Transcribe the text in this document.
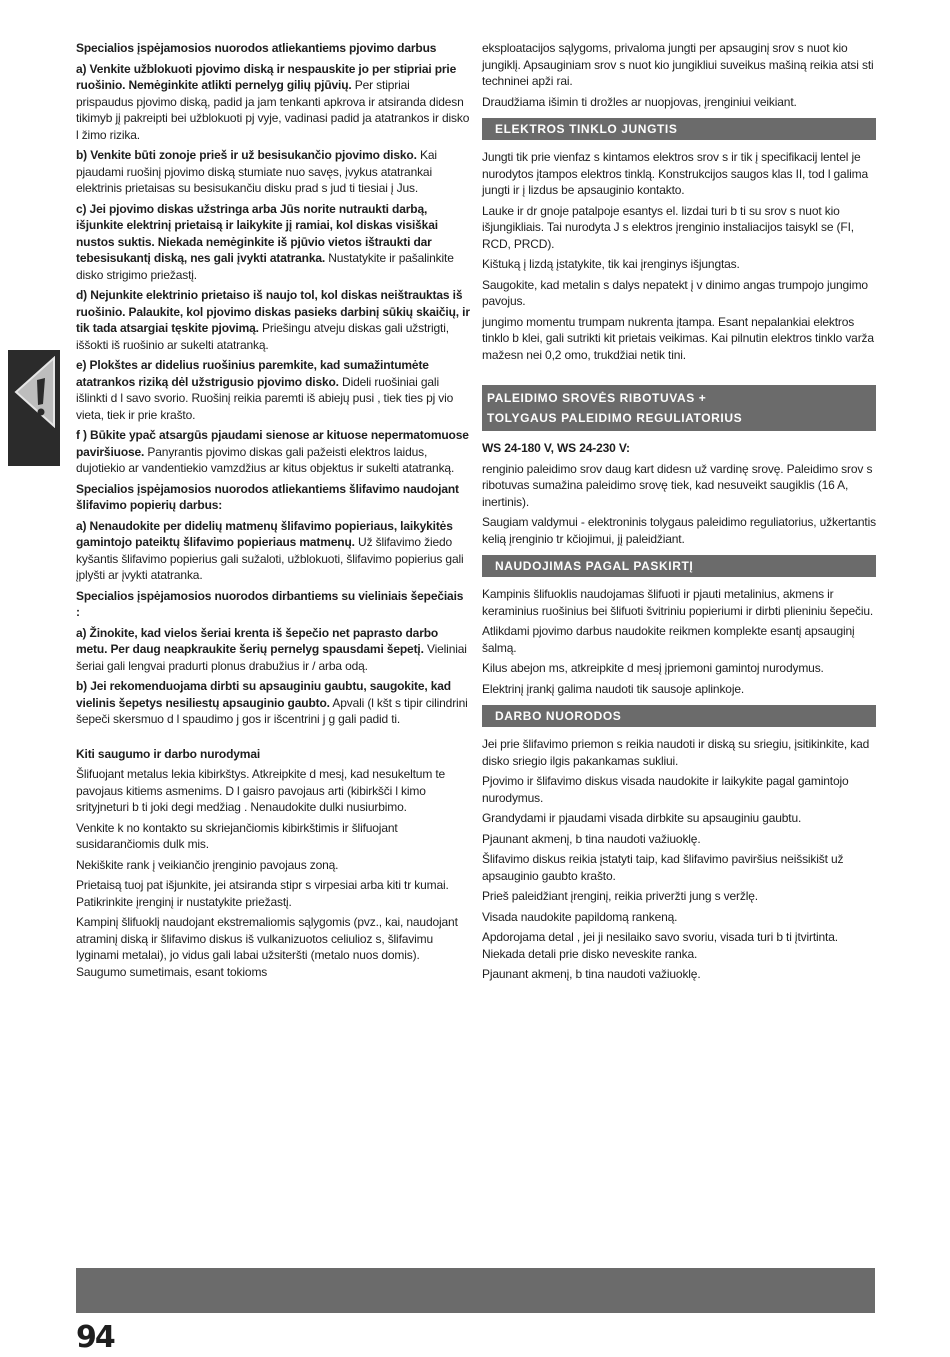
Specialios įspėjamosios nuorodos atliekantiems pjovimo darbus

a) Venkite užblokuoti pjovimo diską ir nespauskite jo per stipriai prie ruošinio. Nemėginkite atlikti pernelyg gilių pjūvių. Per stipriai prispaudus pjovimo diską, padid ja jam tenkanti apkrova ir atsiranda didesn tikimyb jį pakreipti bei užblokuoti pj vyje, vadinasi padid ja atatrankos ir disko l žimo rizika.

b) Venkite būti zonoje prieš ir už besisukančio pjovimo disko. Kai pjaudami ruošinį pjovimo diską stumiate nuo savęs, įvykus atatrankai elektrinis prietaisas su besisukančiu disku prad s jud ti tiesiai į Jus.

c) Jei pjovimo diskas užstringa arba Jūs norite nutraukti darbą, išjunkite elektrinį prietaisą ir laikykite jį ramiai, kol diskas visiškai nustos suktis. Niekada nemėginkite iš pjūvio vietos ištraukti dar tebesisukantį diską, nes gali įvykti atatranka. Nustatykite ir pašalinkite disko strigimo priežastį.

d) Nejunkite elektrinio prietaiso iš naujo tol, kol diskas neištrauktas iš ruošinio. Palaukite, kol pjovimo diskas pasieks darbinį sūkių skaičių, ir tik tada atsargiai tęskite pjovimą. Priešingu atveju diskas gali užstrigti, iššokti iš ruošinio ar sukelti atatranką.

e) Plokštes ar didelius ruošinius paremkite, kad sumažintumėte atatrankos riziką dėl užstrigusio pjovimo disko. Dideli ruošiniai gali išlinkti d l savo svorio. Ruošinį reikia paremti iš abiejų pusi , tiek ties pj vio vieta, tiek ir prie krašto.

f ) Būkite ypač atsargūs pjaudami sienose ar kituose nepermatomuose paviršiuose. Panyrantis pjovimo diskas gali pažeisti elektros laidus, dujotiekio ar vandentiekio vamzdžius ar kitus objektus ir sukelti atatranką.

Specialios įspėjamosios nuorodos atliekantiems šlifavimo naudojant šlifavimo popierių darbus:

a) Nenaudokite per didelių matmenų šlifavimo popieriaus, laikykitės gamintojo pateiktų šlifavimo popieriaus matmenų. Už šlifavimo žiedo kyšantis šlifavimo popierius gali sužaloti, užblokuoti, šlifavimo popierius gali įplyšti ar įvykti atatranka.

Specialios įspėjamosios nuorodos dirbantiems su vieliniais šepečiais :

a) Žinokite, kad vielos šeriai krenta iš šepečio net paprasto darbo metu. Per daug neapkraukite šerių pernelyg spausdami šepetį. Vieliniai šeriai gali lengvai pradurti plonus drabužius ir / arba odą.

b) Jei rekomenduojama dirbti su apsauginiu gaubtu, saugokite, kad vielinis šepetys nesiliestų apsauginio gaubto. Apvali (l kšt s tipir cilindrini šepeči skersmuo d l spaudimo j gos ir išcentrini j g gali padid ti.

Kiti saugumo ir darbo nurodymai

Šlifuojant metalus lekia kibirkštys. Atkreipkite d mesį, kad nesukeltum te pavojaus kitiems asmenims. D l gaisro pavojaus arti (kibirkšči l kimo srityjneturi b ti joki degi medžiag . Nenaudokite dulki nusiurbimo.

Venkite k no kontakto su skriejančiomis kibirkštimis ir šlifuojant susidarančiomis dulk mis.

Nekiškite rank į veikiančio įrenginio pavojaus zoną.

Prietaisą tuoj pat išjunkite, jei atsiranda stipr s virpesiai arba kiti tr kumai. Patikrinkite įrenginį ir nustatykite priežastį.

Kampinį šlifuoklį naudojant ekstremaliomis sąlygomis (pvz., kai, naudojant atraminį diską ir šlifavimo diskus iš vulkanizuotos celiulioz s, šlifavimu lyginami metalai), jo vidus gali labai užsiteršti (metalo nuos domis). Saugumo sumetimais, esant tokioms

eksploatacijos sąlygoms, privaloma jungti per apsauginį srov s nuot kio jungiklį. Apsauginiam srov s nuot kio jungikliui suveikus mašiną reikia atsi sti techninei apži rai.

Draudžiama išimin ti drožles ar nuopjovas, įrenginiui veikiant.

ELEKTROS TINKLO JUNGTIS

Jungti tik prie vienfaz s kintamos elektros srov s ir tik į specifikacij lentel je nurodytos įtampos elektros tinklą. Konstrukcijos saugos klas II, tod l galima jungti ir į lizdus be apsauginio kontakto.

Lauke ir dr gnoje patalpoje esantys el. lizdai turi b ti su srov s nuot kio išjungikliais. Tai nurodyta J s elektros įrenginio instaliacijos taisykl se (FI, RCD, PRCD).

Kištuką į lizdą įstatykite, tik kai įrenginys išjungtas.

Saugokite, kad metalin s dalys nepatekt į v dinimo angas trumpojo jungimo pavojus.

jungimo momentu trumpam nukrenta įtampa. Esant nepalankiai elektros tinklo b klei, gali sutrikti kit prietais veikimas. Kai pilnutin elektros tinklo varža mažesn nei 0,2 omo, trukdžiai netik tini.

PALEIDIMO SROVĖS RIBOTUVAS +
TOLYGAUS PALEIDIMO REGULIATORIUS

WS 24-180 V, WS 24-230 V:

renginio paleidimo srov daug kart didesn už vardinę srovę. Paleidimo srov s ribotuvas sumažina paleidimo srovę tiek, kad nesuveikt saugiklis (16 A, inertinis).

Saugiam valdymui - elektroninis tolygaus paleidimo reguliatorius, užkertantis kelią įrenginio tr kčiojimui, jį paleidžiant.

NAUDOJIMAS PAGAL PASKIRTĮ

Kampinis šlifuoklis naudojamas šlifuoti ir pjauti metalinius, akmens ir keraminius ruošinius bei šlifuoti švitriniu popieriumi ir dirbti plieniniu šepečiu.

Atlikdami pjovimo darbus naudokite reikmen komplekte esantį apsauginį šalmą.

Kilus abejon ms, atkreipkite d mesį įpriemoni gamintoj nurodymus.

Elektrinį įrankį galima naudoti tik sausoje aplinkoje.

DARBO NUORODOS

Jei prie šlifavimo priemon s reikia naudoti ir diską su sriegiu, įsitikinkite, kad disko sriegio ilgis pakankamas sukliui.

Pjovimo ir šlifavimo diskus visada naudokite ir laikykite pagal gamintojo nurodymus.

Grandydami ir pjaudami visada dirbkite su apsauginiu gaubtu.

Pjaunant akmenį, b tina naudoti važiuoklę.

Šlifavimo diskus reikia įstatyti taip, kad šlifavimo paviršius neišsikišt už apsauginio gaubto krašto.

Prieš paleidžiant įrenginį, reikia priveržti jung s veržlę.

Visada naudokite papildomą rankeną.

Apdorojama detal , jei ji nesilaiko savo svoriu, visada turi b ti įtvirtinta. Niekada detali prie disko neveskite ranka.

Pjaunant akmenį, b tina naudoti važiuoklę.

94
